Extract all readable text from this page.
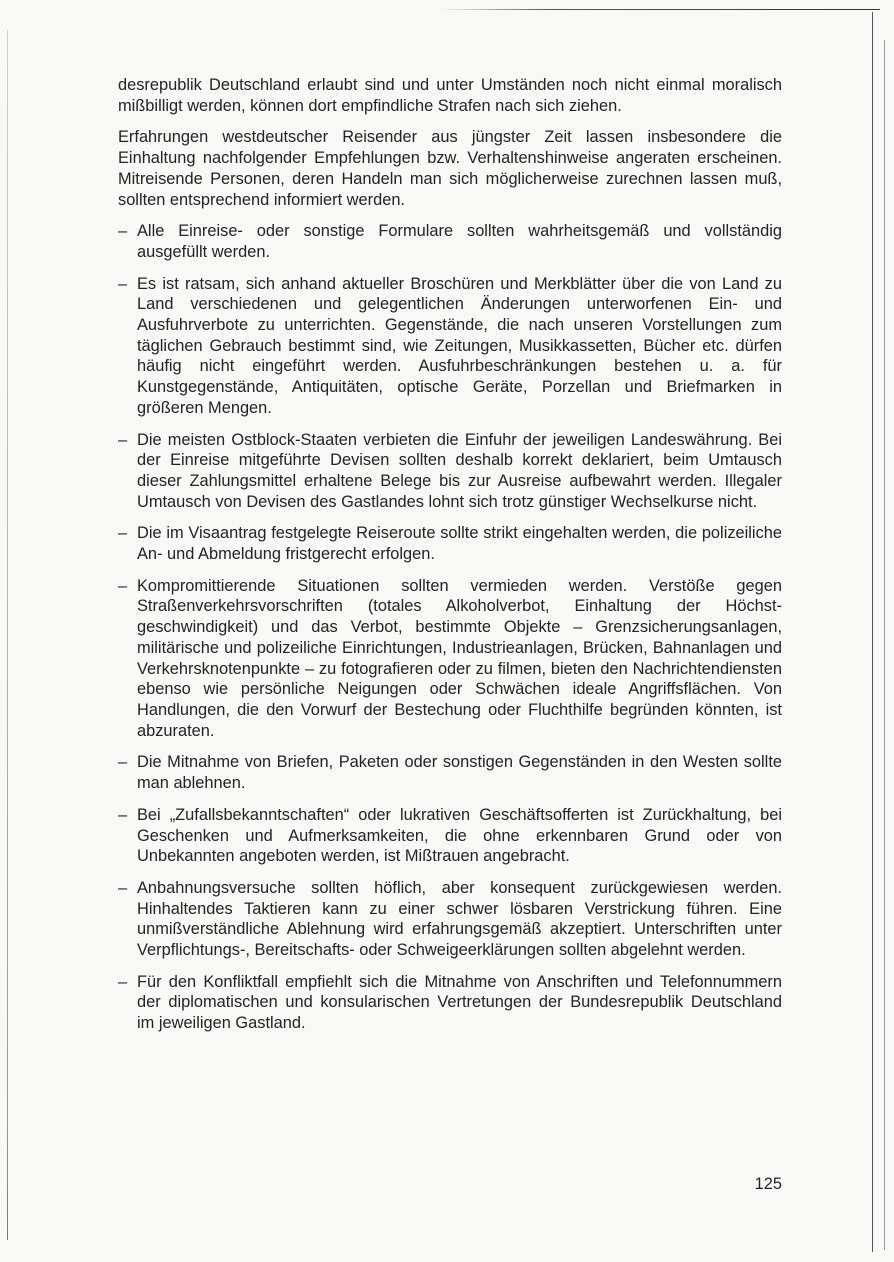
desrepublik Deutschland erlaubt sind und unter Umständen noch nicht einmal moralisch mißbilligt werden, können dort empfindliche Strafen nach sich ziehen.

Erfahrungen westdeutscher Reisender aus jüngster Zeit lassen insbesondere die Einhaltung nachfolgender Empfehlungen bzw. Verhaltenshinweise angeraten erscheinen. Mitreisende Personen, deren Handeln man sich möglicherweise zurechnen lassen muß, sollten entsprechend informiert werden.

– Alle Einreise- oder sonstige Formulare sollten wahrheitsgemäß und vollständig ausgefüllt werden.
– Es ist ratsam, sich anhand aktueller Broschüren und Merkblätter über die von Land zu Land verschiedenen und gelegentlichen Änderungen unterworfenen Ein- und Ausfuhrverbote zu unterrichten. Gegenstände, die nach unseren Vorstellungen zum täglichen Gebrauch bestimmt sind, wie Zeitungen, Musikkassetten, Bücher etc. dürfen häufig nicht eingeführt werden. Ausfuhrbeschränkungen bestehen u. a. für Kunstgegenstände, Antiquitäten, optische Geräte, Porzellan und Briefmarken in größeren Mengen.
– Die meisten Ostblock-Staaten verbieten die Einfuhr der jeweiligen Landeswährung. Bei der Einreise mitgeführte Devisen sollten deshalb korrekt deklariert, beim Umtausch dieser Zahlungsmittel erhaltene Belege bis zur Ausreise aufbewahrt werden. Illegaler Umtausch von Devisen des Gastlandes lohnt sich trotz günstiger Wechselkurse nicht.
– Die im Visaantrag festgelegte Reiseroute sollte strikt eingehalten werden, die polizeiliche An- und Abmeldung fristgerecht erfolgen.
– Kompromittierende Situationen sollten vermieden werden. Verstöße gegen Straßenverkehrsvorschriften (totales Alkoholverbot, Einhaltung der Höchstgeschwindigkeit) und das Verbot, bestimmte Objekte – Grenzsicherungsanlagen, militärische und polizeiliche Einrichtungen, Industrieanlagen, Brücken, Bahnanlagen und Verkehrsknotenpunkte – zu fotografieren oder zu filmen, bieten den Nachrichtendiensten ebenso wie persönliche Neigungen oder Schwächen ideale Angriffsflächen. Von Handlungen, die den Vorwurf der Bestechung oder Fluchthilfe begründen könnten, ist abzuraten.
– Die Mitnahme von Briefen, Paketen oder sonstigen Gegenständen in den Westen sollte man ablehnen.
– Bei „Zufallsbekanntschaften“ oder lukrativen Geschäftsofferten ist Zurückhaltung, bei Geschenken und Aufmerksamkeiten, die ohne erkennbaren Grund oder von Unbekannten angeboten werden, ist Mißtrauen angebracht.
– Anbahnungsversuche sollten höflich, aber konsequent zurückgewiesen werden. Hinhaltendes Taktieren kann zu einer schwer lösbaren Verstrickung führen. Eine unmißverständliche Ablehnung wird erfahrungsgemäß akzeptiert. Unterschriften unter Verpflichtungs-, Bereitschafts- oder Schweigeerklärungen sollten abgelehnt werden.
– Für den Konfliktfall empfiehlt sich die Mitnahme von Anschriften und Telefonnummern der diplomatischen und konsularischen Vertretungen der Bundesrepublik Deutschland im jeweiligen Gastland.
125
